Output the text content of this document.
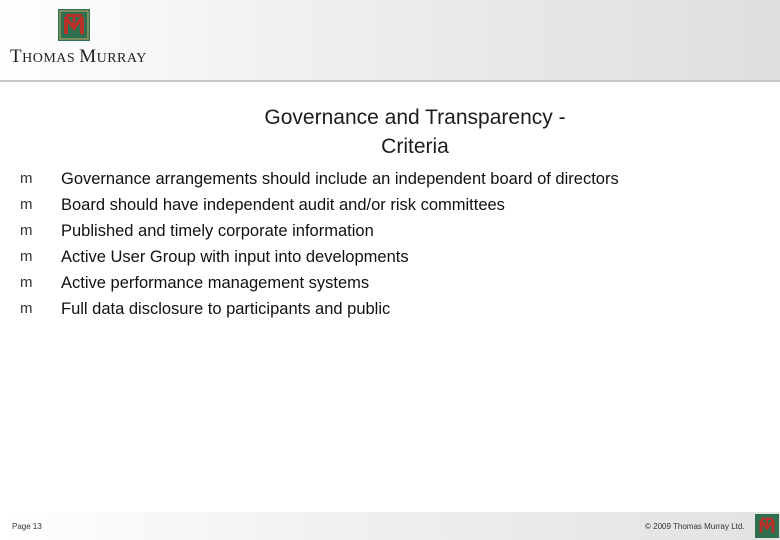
THOMAS MURRAY
Governance and Transparency -
Criteria
m Governance arrangements should include an independent board of directors
m Board should have independent audit and/or risk committees
m Published and timely corporate information
m Active User Group with input into developments
m Active performance management systems
m Full data disclosure to participants and public
Page 13	© 2009 Thomas Murray Ltd.
